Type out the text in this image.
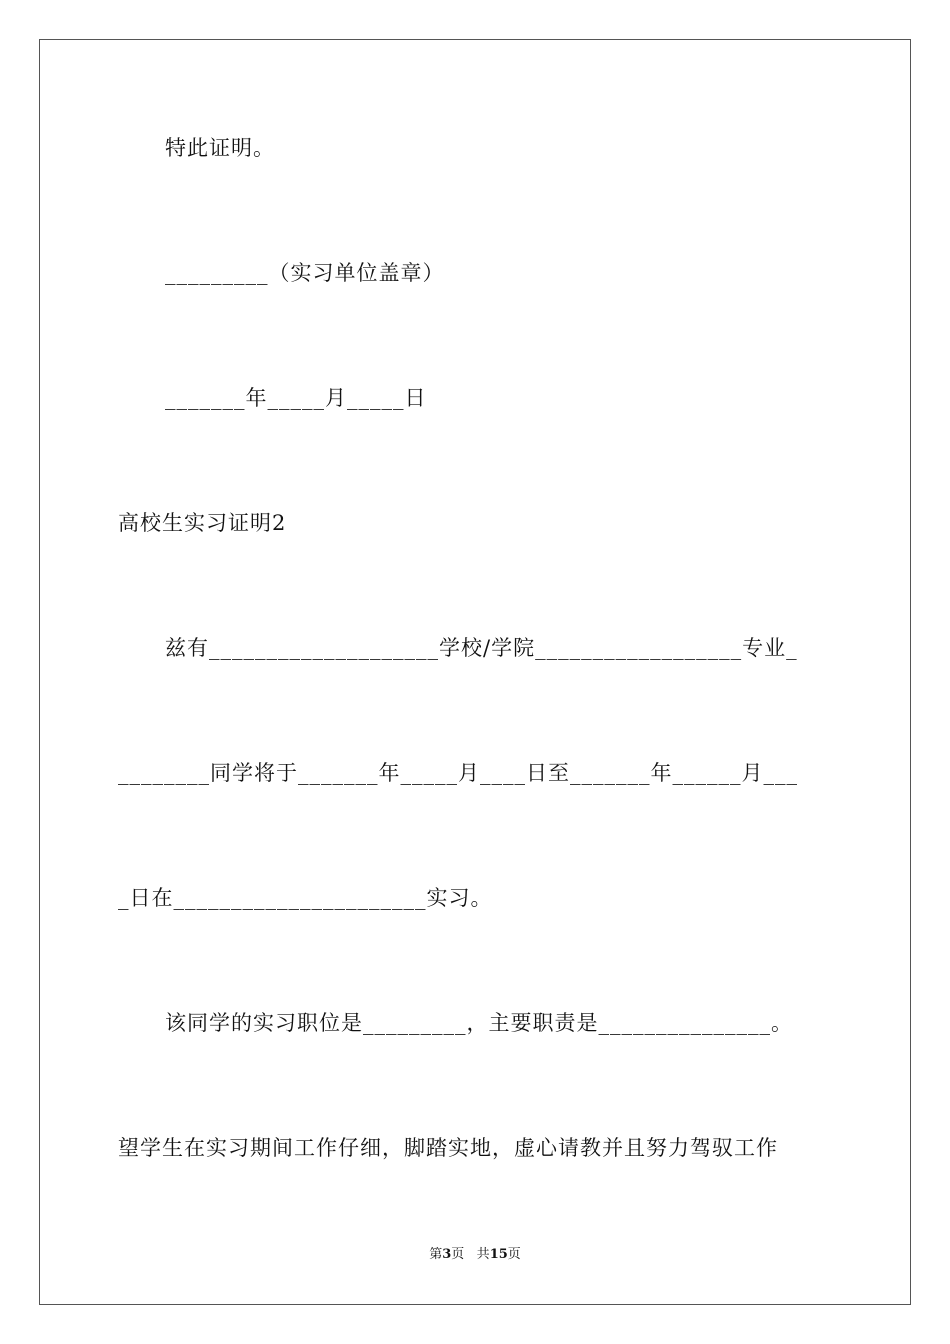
特此证明。
_________（实习单位盖章）
_______年_____月_____日
高校生实习证明2
兹有____________________学校/学院__________________专业_
________同学将于_______年_____月____日至_______年______月___
_日在______________________实习。
该同学的实习职位是_________，主要职责是_______________。
望学生在实习期间工作仔细，脚踏实地，虚心请教并且努力驾驭工作
第3页 共15页
